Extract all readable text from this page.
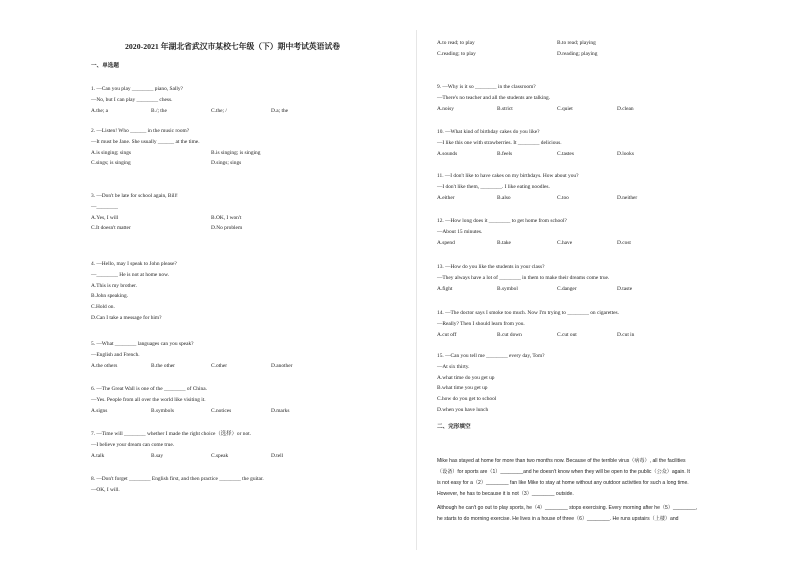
2020-2021 年湖北省武汉市某校七年级（下）期中考试英语试卷
一、单选题
1. —Can you play ________ piano, Sally?
—No, but I can play ________ chess.
A.the; a	B./; the	C.the; /	D.a; the
2. —Listen! Who ______ in the music room?
—It must be Jane. She usually ______ at the time.
A.is singing; sings	B.is singing; is singing
C.sings; is singing	D.sings; sings
3. —Don't be late for school again, Bill!
—________
A.Yes, I will	B.OK, I won't
C.It doesn't matter	D.No problem
4. —Hello, may I speak to John please?
—________ He is not at home now.
A.This is my brother.
B.John speaking.
C.Hold on.
D.Can I take a message for him?
5. —What ________ languages can you speak?
—English and French.
A.the others	B.the other	C.other	D.another
6. —The Great Wall is one of the ________ of China.
—Yes. People from all over the world like visiting it.
A.signs	B.symbols	C.notices	D.marks
7. —Time will ________ whether I made the right choice（选择）or not.
—I believe your dream can come true.
A.talk	B.say	C.speak	D.tell
8. —Don't forget ________ English first, and then practice ________ the guitar.
—OK, I will.
A.to read; to play	B.to read; playing
C.reading; to play	D.reading; playing
9. —Why is it so ________ in the classroom?
—There's no teacher and all the students are talking.
A.noisy	B.strict	C.quiet	D.clean
10. —What kind of birthday cakes do you like?
—I like this one with strawberries. It ________ delicious.
A.sounds	B.feels	C.tastes	D.looks
11. —I don't like to have cakes on my birthdays. How about you?
—I don't like them, ________. I like eating noodles.
A.either	B.also	C.too	D.neither
12. —How long does it ________ to get home from school?
—About 15 minutes.
A.spend	B.take	C.have	D.cost
13. —How do you like the students in your class?
—They always have a lot of ________ in them to make their dreams come true.
A.fight	B.symbol	C.danger	D.taste
14. —The doctor says I smoke too much. Now I'm trying to ________ on cigarettes.
—Really? Then I should learn from you.
A.cut off	B.cut down	C.cut out	D.cut in
15. —Can you tell me ________ every day, Tom?
—At six thirty.
A.what time do you get up
B.what time you get up
C.how do you get to school
D.when you have lunch
二、完形填空
Mike has stayed at home for more than two months now. Because of the terrible virus（病毒）, all the facilities
（设备）for sports are（1）________and he doesn't know when they will be open to the public（公众）again. It
is not easy for a（2）________ fan like Mike to stay at home without any outdoor activities for such a long time.
However, he has to because it is not（3）________ outside.
Although he can't go out to play sports, he（4）________ stops exercising. Every morning after he（5）________,
he starts to do morning exercise. He lives in a house of three（6）________. He runs upstairs（上楼）and
